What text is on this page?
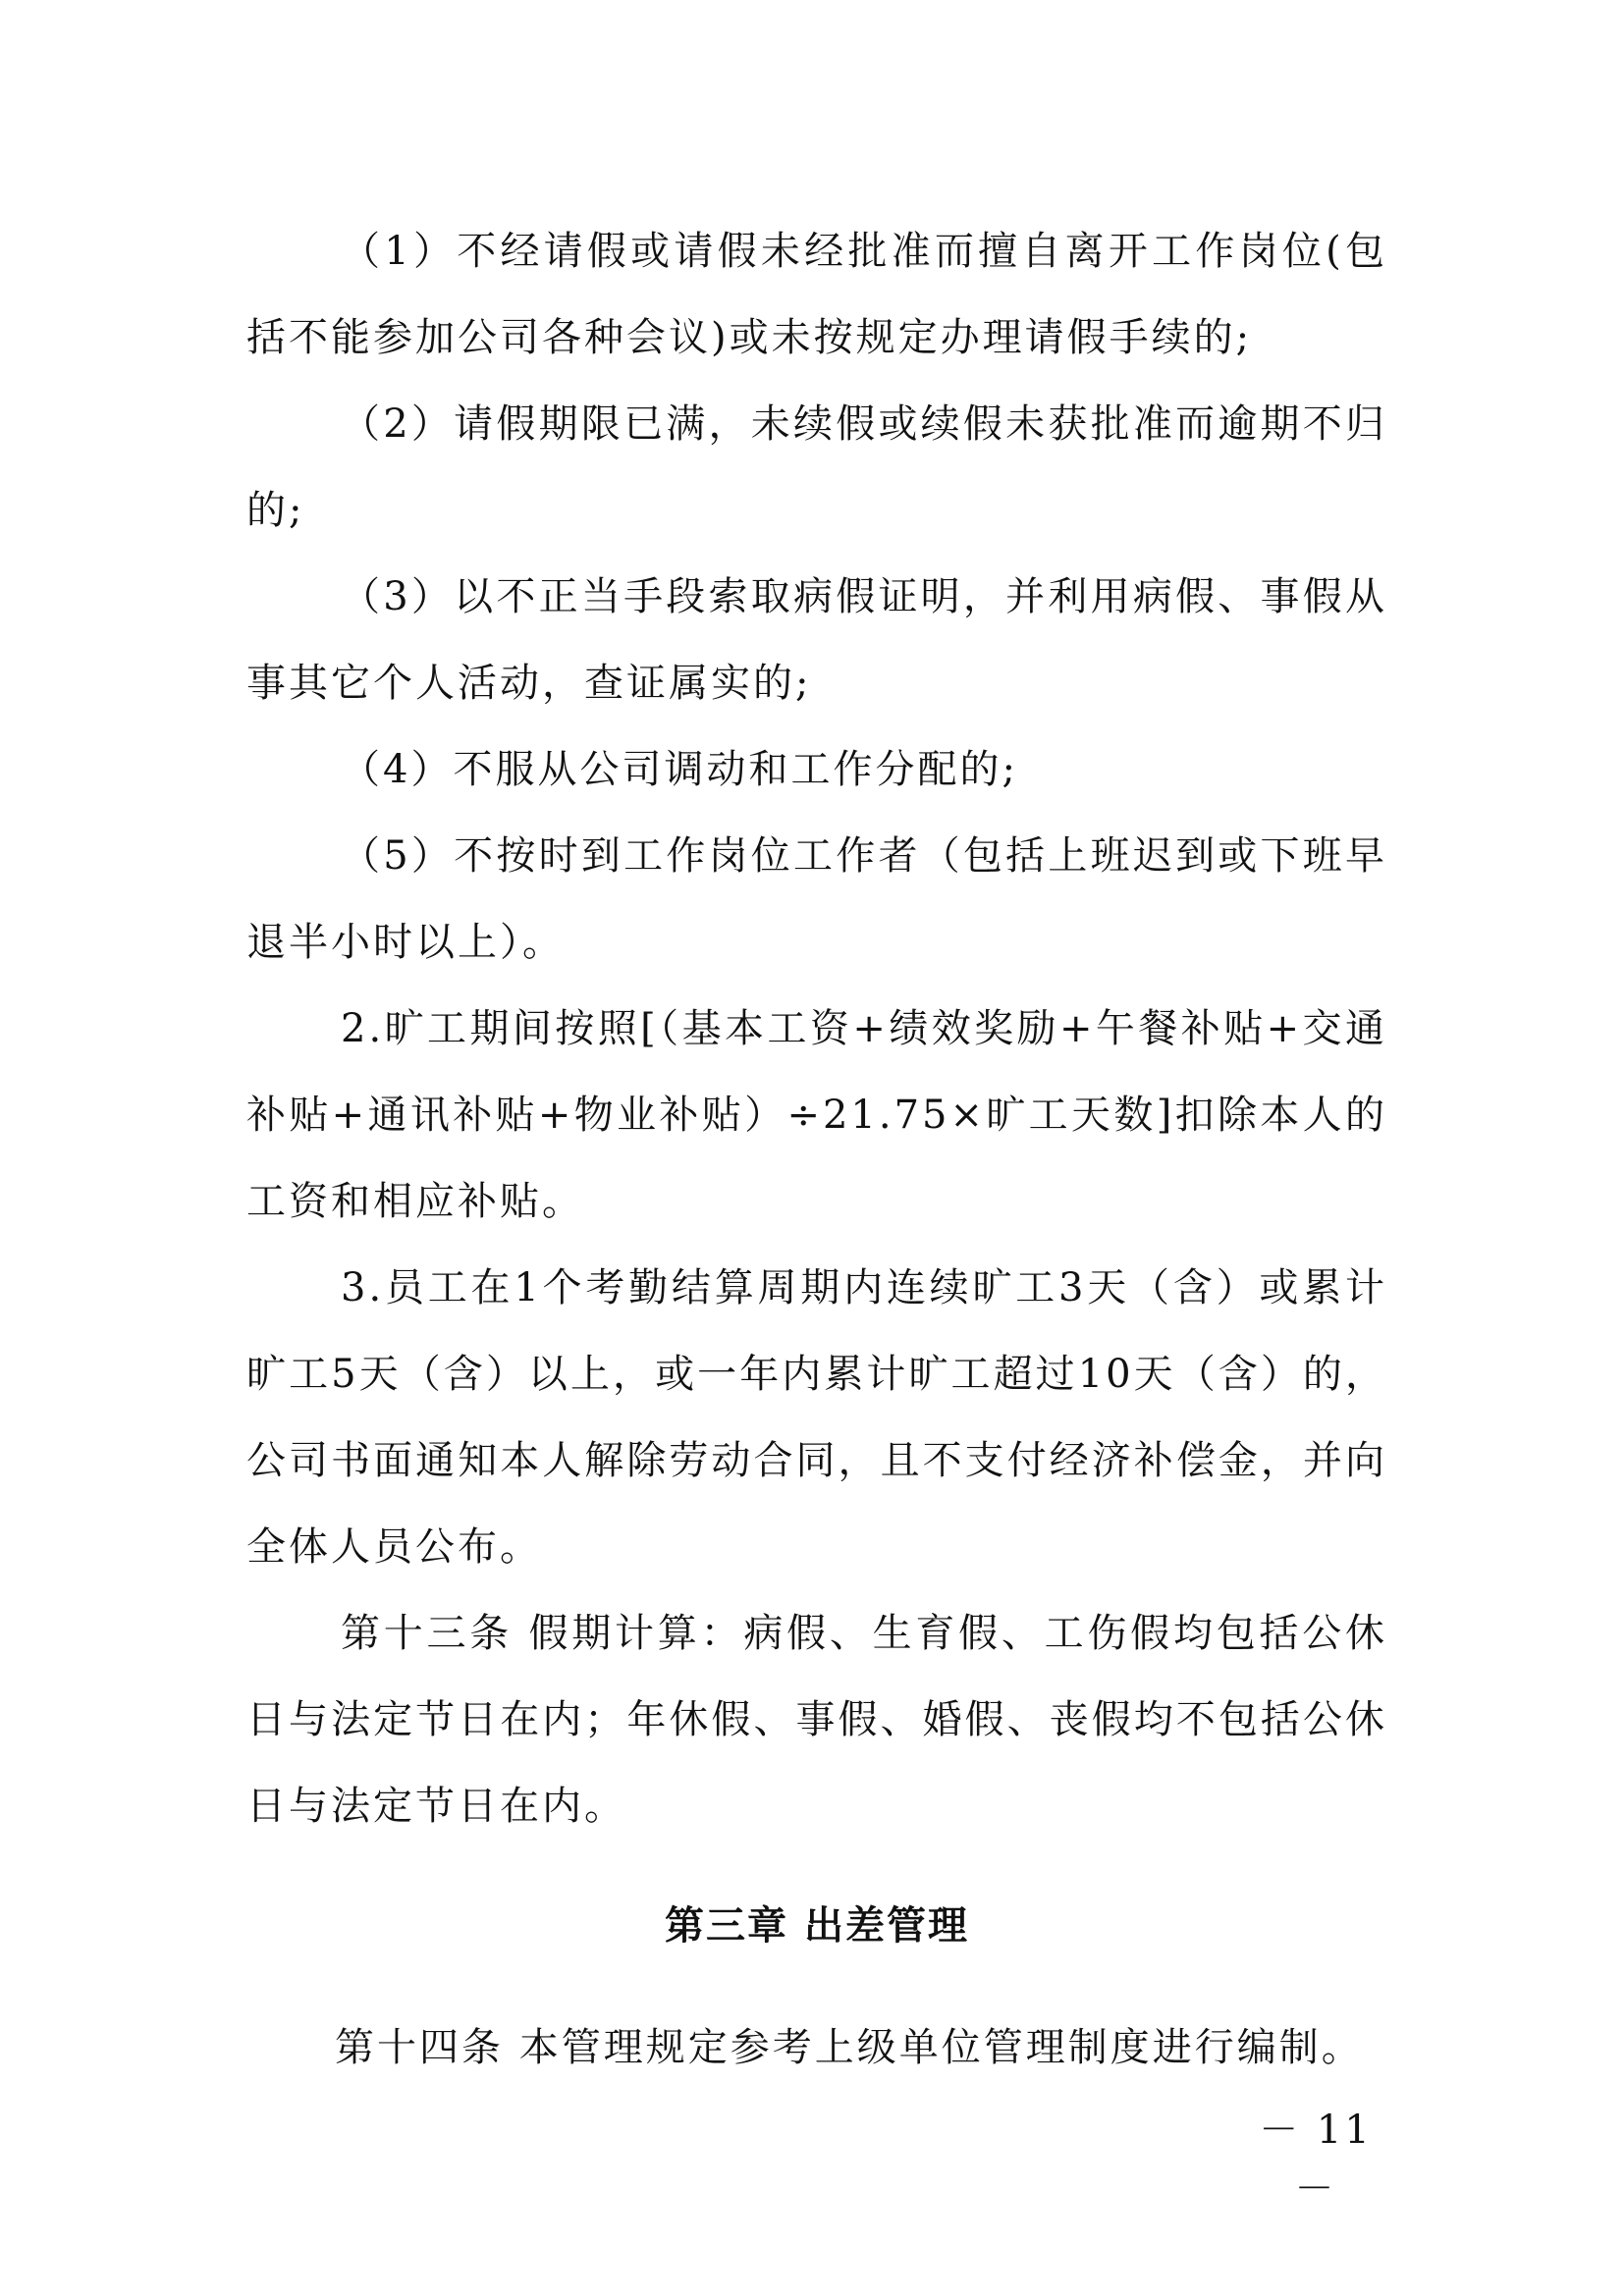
（1）不经请假或请假未经批准而擅自离开工作岗位(包括不能参加公司各种会议)或未按规定办理请假手续的;

（2）请假期限已满，未续假或续假未获批准而逾期不归的;

（3）以不正当手段索取病假证明，并利用病假、事假从事其它个人活动，查证属实的;

（4）不服从公司调动和工作分配的;

（5）不按时到工作岗位工作者（包括上班迟到或下班早退半小时以上）。

2.旷工期间按照[（基本工资+绩效奖励+午餐补贴+交通补贴+通讯补贴+物业补贴）÷21.75×旷工天数]扣除本人的工资和相应补贴。

3.员工在1个考勤结算周期内连续旷工3天（含）或累计旷工5天（含）以上，或一年内累计旷工超过10天（含）的，公司书面通知本人解除劳动合同，且不支付经济补偿金，并向全体人员公布。

第十三条 假期计算：病假、生育假、工伤假均包括公休日与法定节日在内；年休假、事假、婚假、丧假均不包括公休日与法定节日在内。

第三章 出差管理

第十四条 本管理规定参考上级单位管理制度进行编制。

－ 11 －
